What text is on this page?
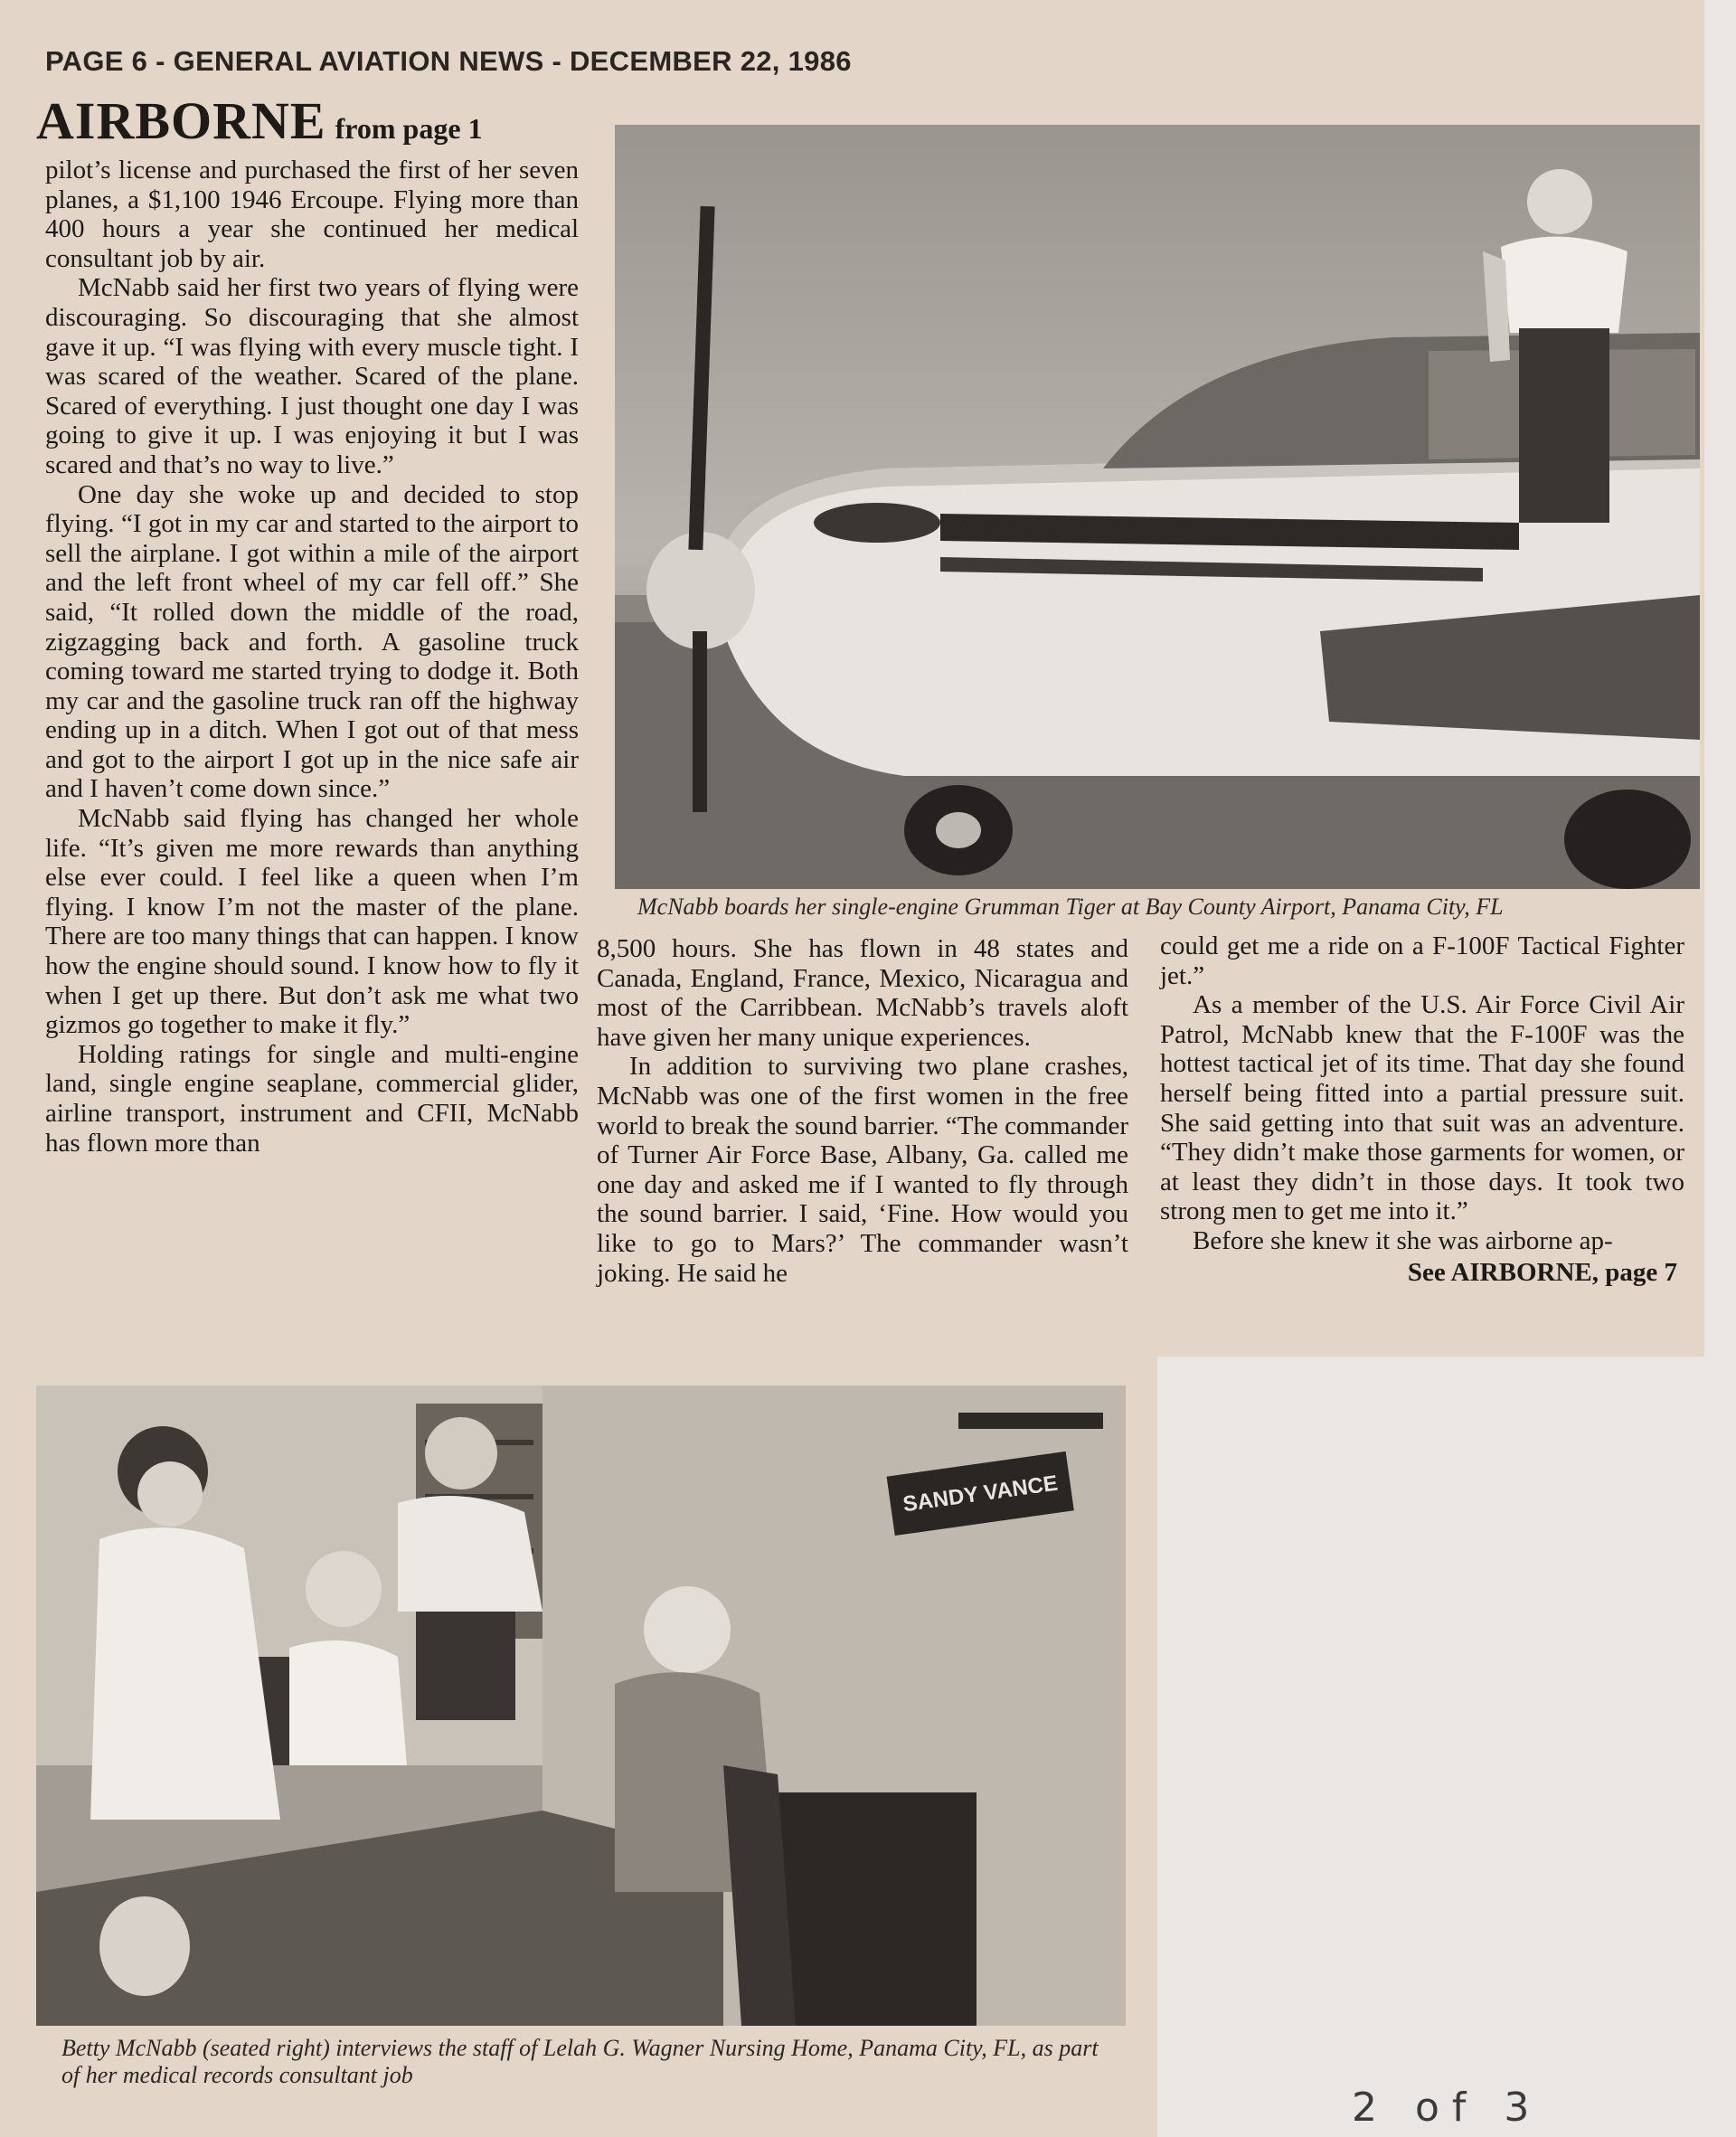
PAGE 6 - GENERAL AVIATION NEWS - DECEMBER 22, 1986
AIRBORNE from page 1

pilot’s license and purchased the first of her seven planes, a $1,100 1946 Ercoupe. Flying more than 400 hours a year she continued her medical consultant job by air.

McNabb said her first two years of flying were discouraging. So discouraging that she almost gave it up. “I was flying with every muscle tight. I was scared of the weather. Scared of the plane. Scared of everything. I just thought one day I was going to give it up. I was enjoying it but I was scared and that’s no way to live.”

One day she woke up and decided to stop flying. “I got in my car and started to the airport to sell the airplane. I got within a mile of the airport and the left front wheel of my car fell off.” She said, “It rolled down the middle of the road, zigzagging back and forth. A gasoline truck coming toward me started trying to dodge it. Both my car and the gasoline truck ran off the highway ending up in a ditch. When I got out of that mess and got to the airport I got up in the nice safe air and I haven’t come down since.”

McNabb said flying has changed her whole life. “It’s given me more rewards than anything else ever could. I feel like a queen when I’m flying. I know I’m not the master of the plane. There are too many things that can happen. I know how the engine should sound. I know how to fly it when I get up there. But don’t ask me what two gizmos go together to make it fly.”

Holding ratings for single and multi-engine land, single engine seaplane, commercial glider, airline transport, instrument and CFII, McNabb has flown more than

McNabb boards her single-engine Grumman Tiger at Bay County Airport, Panama City, FL

8,500 hours. She has flown in 48 states and Canada, England, France, Mexico, Nicaragua and most of the Carribbean. McNabb’s travels aloft have given her many unique experiences.

In addition to surviving two plane crashes, McNabb was one of the first women in the free world to break the sound barrier. “The commander of Turner Air Force Base, Albany, Ga. called me one day and asked me if I wanted to fly through the sound barrier. I said, ‘Fine. How would you like to go to Mars?’ The commander wasn’t joking. He said he

could get me a ride on a F-100F Tactical Fighter jet.”

As a member of the U.S. Air Force Civil Air Patrol, McNabb knew that the F-100F was the hottest tactical jet of its time. That day she found herself being fitted into a partial pressure suit. She said getting into that suit was an adventure. “They didn’t make those garments for women, or at least they didn’t in those days. It took two strong men to get me into it.”

Before she knew it she was airborne ap-

See AIRBORNE, page 7
SANDY VANCE
Betty McNabb (seated right) interviews the staff of Lelah G. Wagner Nursing Home, Panama City, FL, as part of her medical records consultant job
2 of 3
